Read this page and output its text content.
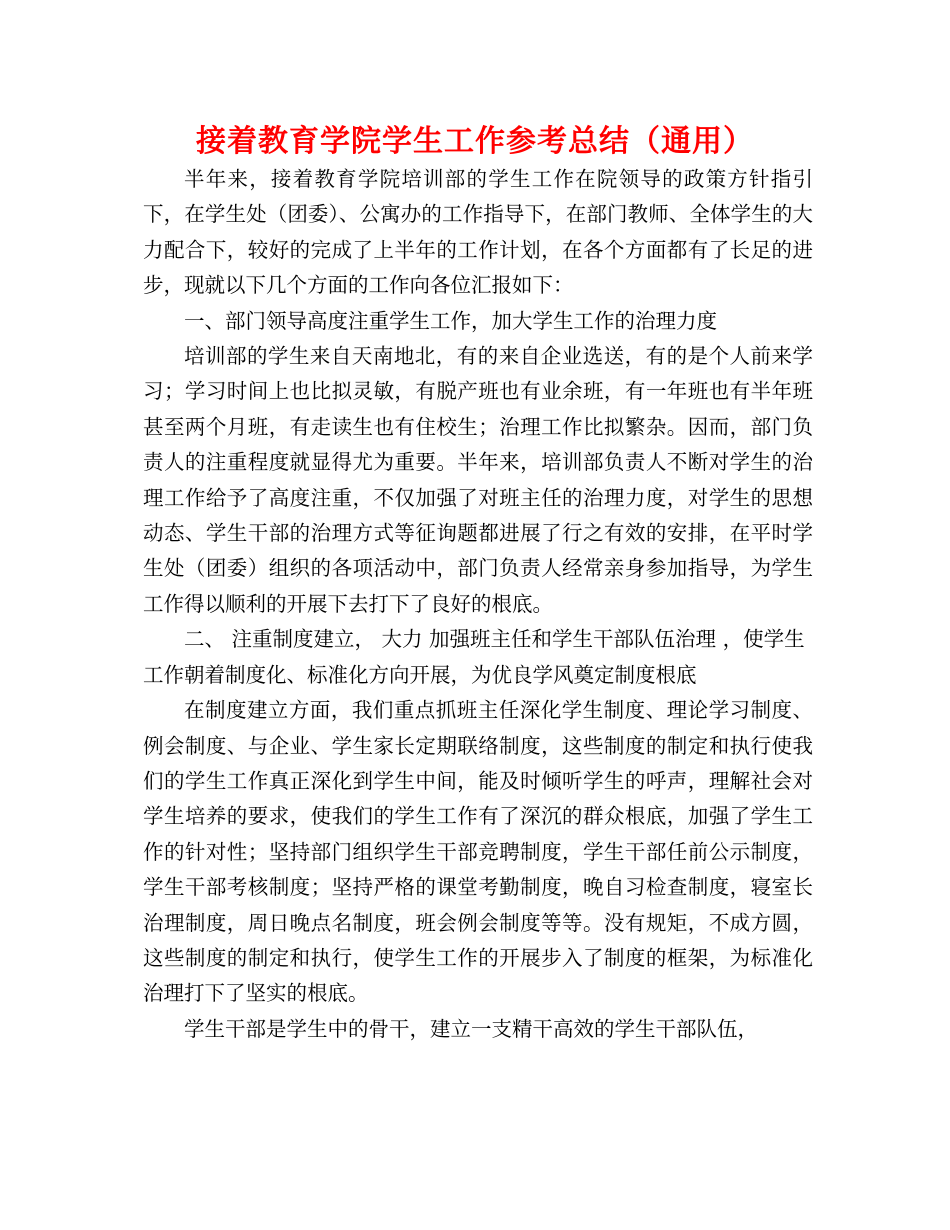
接着教育学院学生工作参考总结（通用）

半年来，接着教育学院培训部的学生工作在院领导的政策方针指引下，在学生处（团委）、公寓办的工作指导下，在部门教师、全体学生的大力配合下，较好的完成了上半年的工作计划，在各个方面都有了长足的进步，现就以下几个方面的工作向各位汇报如下：

一、部门领导高度注重学生工作，加大学生工作的治理力度

培训部的学生来自天南地北，有的来自企业选送，有的是个人前来学习；学习时间上也比拟灵敏，有脱产班也有业余班，有一年班也有半年班甚至两个月班，有走读生也有住校生；治理工作比拟繁杂。因而，部门负责人的注重程度就显得尤为重要。半年来，培训部负责人不断对学生的治理工作给予了高度注重，不仅加强了对班主任的治理力度，对学生的思想动态、学生干部的治理方式等征询题都进展了行之有效的安排，在平时学生处（团委）组织的各项活动中，部门负责人经常亲身参加指导，为学生工作得以顺利的开展下去打下了良好的根底。

二、 注重制度建立， 大力 加强班主任和学生干部队伍治理 ，使学生工作朝着制度化、标准化方向开展，为优良学风奠定制度根底

在制度建立方面，我们重点抓班主任深化学生制度、理论学习制度、例会制度、与企业、学生家长定期联络制度，这些制度的制定和执行使我们的学生工作真正深化到学生中间，能及时倾听学生的呼声，理解社会对学生培养的要求，使我们的学生工作有了深沉的群众根底，加强了学生工作的针对性；坚持部门组织学生干部竞聘制度，学生干部任前公示制度，学生干部考核制度；坚持严格的课堂考勤制度，晚自习检查制度，寝室长治理制度，周日晚点名制度，班会例会制度等等。没有规矩，不成方圆，这些制度的制定和执行，使学生工作的开展步入了制度的框架，为标准化治理打下了坚实的根底。

学生干部是学生中的骨干，建立一支精干高效的学生干部队伍，
